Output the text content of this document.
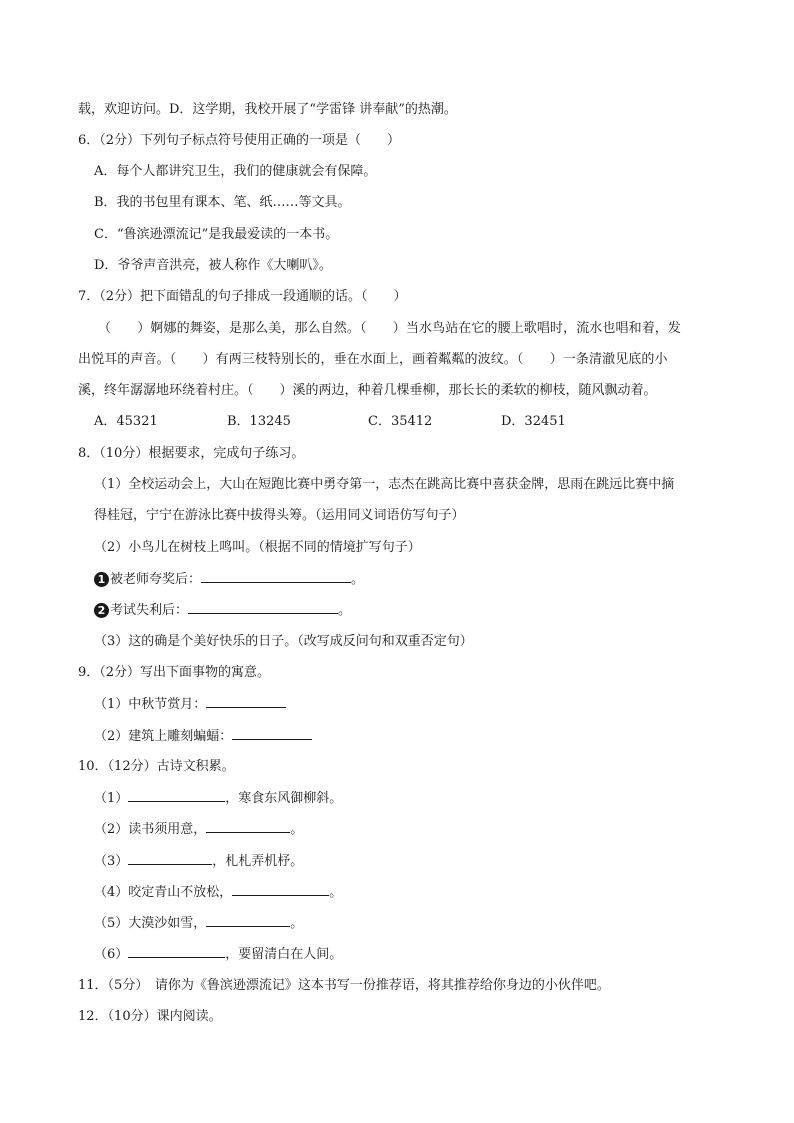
载，欢迎访问。D．这学期，我校开展了“学雷锋 讲奉献”的热潮。
6．（2分）下列句子标点符号使用正确的一项是（　　）
A．每个人都讲究卫生，我们的健康就会有保障。
B．我的书包里有课本、笔、纸……等文具。
C．“鲁滨逊漂流记”是我最爱读的一本书。
D．爷爷声音洪亮，被人称作《大喇叭》。
7．（2分）把下面错乱的句子排成一段通顺的话。（　　）
（　　）婀娜的舞姿，是那么美，那么自然。（　　）当水鸟站在它的腰上歌唱时，流水也唱和着，发
出悦耳的声音。（　　）有两三枝特别长的，垂在水面上，画着粼粼的波纹。（　　）一条清澈见底的小
溪，终年潺潺地环绕着村庄。（　　）溪的两边，种着几棵垂柳，那长长的柔软的柳枝，随风飘动着。
A．45321	B．13245	C．35412	D．32451
8．（10分）根据要求，完成句子练习。
（1）全校运动会上，大山在短跑比赛中勇夺第一，志杰在跳高比赛中喜获金牌，思雨在跳远比赛中摘
得桂冠，宁宁在游泳比赛中拔得头筹。（运用同义词语仿写句子）
（2）小鸟儿在树枝上鸣叫。（根据不同的情境扩写句子）
1 被老师夸奖后：	。
2 考试失利后：	。
（3）这的确是个美好快乐的日子。（改写成反问句和双重否定句）
9．（2分）写出下面事物的寓意。
（1）中秋节赏月：
（2）建筑上雕刻蝙蝠：
10．（12分）古诗文积累。
（1）	，寒食东风御柳斜。
（2）读书须用意，	。
（3）	，札札弄机杼。
（4）咬定青山不放松，	。
（5）大漠沙如雪，	。
（6）	，要留清白在人间。
11．（5分）　请你为《鲁滨逊漂流记》这本书写一份推荐语，将其推荐给你身边的小伙伴吧。
12．（10分）课内阅读。
